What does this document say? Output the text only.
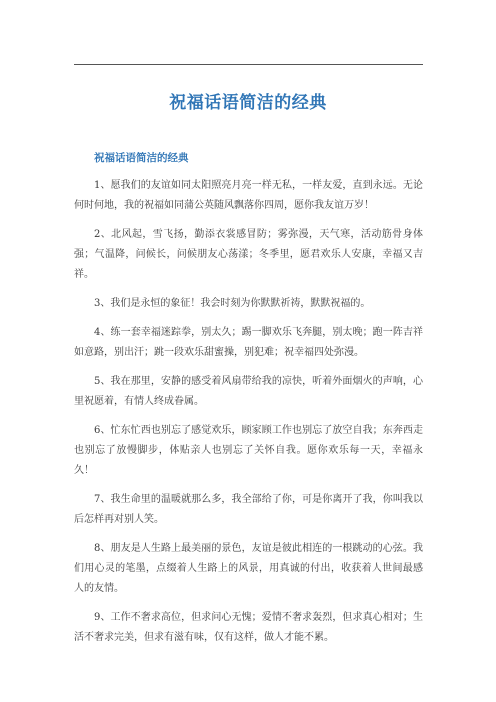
祝福话语简洁的经典
祝福话语简洁的经典

1、愿我们的友谊如同太阳照亮月亮一样无私，一样友爱，直到永远。无论何时何地，我的祝福如同蒲公英随风飘落你四周，愿你我友谊万岁！

2、北风起，雪飞扬，勤添衣裳感冒防；雾弥漫，天气寒，活动筋骨身体强；气温降，问候长，问候朋友心荡漾；冬季里，愿君欢乐人安康，幸福又吉祥。

3、我们是永恒的象征！我会时刻为你默默祈祷，默默祝福的。

4、练一套幸福迷踪拳，别太久；踢一脚欢乐飞奔腿，别太晚；跑一阵吉祥如意路，别出汗；跳一段欢乐甜蜜操，别犯难；祝幸福四处弥漫。

5、我在那里，安静的感受着风扇带给我的凉快，听着外面烟火的声响，心里祝愿着，有情人终成眷属。

6、忙东忙西也别忘了感觉欢乐，顾家顾工作也别忘了放空自我；东奔西走也别忘了放慢脚步，体贴亲人也别忘了关怀自我。愿你欢乐每一天，幸福永久！

7、我生命里的温暖就那么多，我全部给了你，可是你离开了我，你叫我以后怎样再对别人笑。

8、朋友是人生路上最美丽的景色，友谊是彼此相连的一根跳动的心弦。我们用心灵的笔墨，点缀着人生路上的风景，用真诚的付出，收获着人世间最感人的友情。

9、工作不奢求高位，但求问心无愧；爱情不奢求轰烈，但求真心相对；生活不奢求完美，但求有滋有味，仅有这样，做人才能不累。
